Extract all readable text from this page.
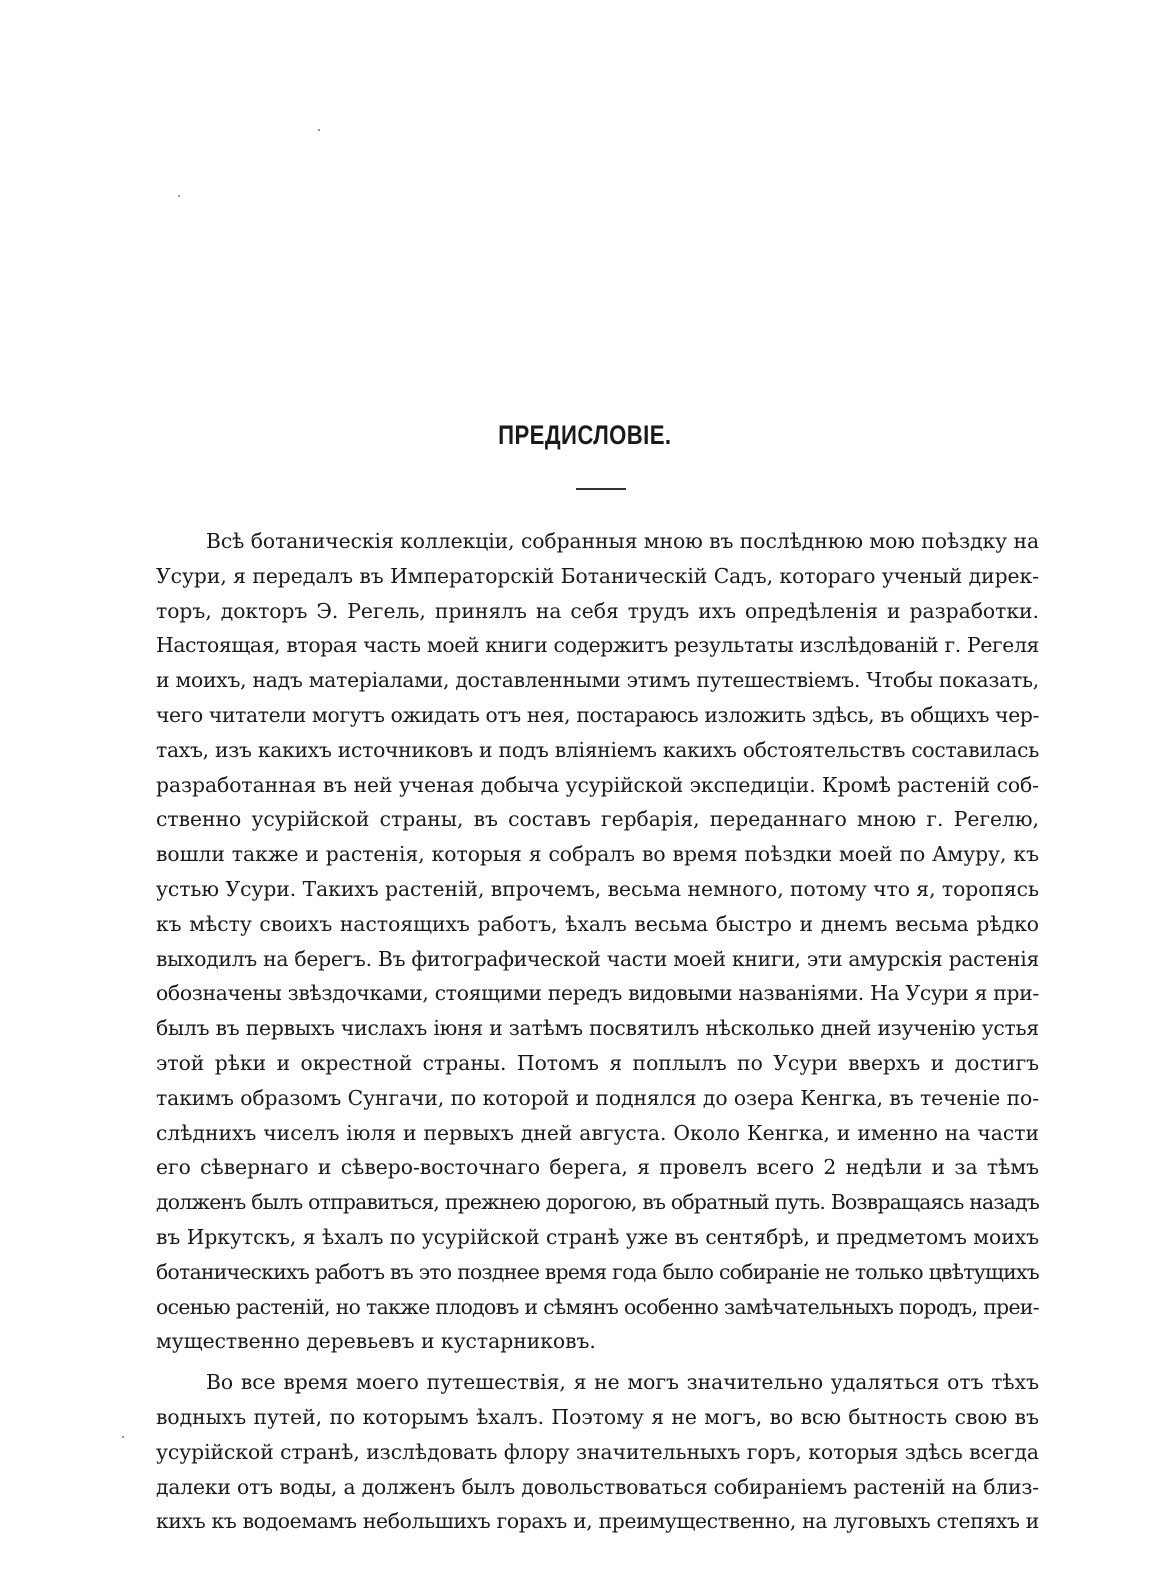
ПРЕДИСЛОВІЕ.
Всѣ ботаническія коллекціи, собранныя мною въ послѣднюю мою поѣздку на
Усури, я передалъ въ Императорскій Ботаническій Садъ, котораго ученый дирек-
торъ, докторъ Э. Регель, принялъ на себя трудъ ихъ опредѣленія и разработки.
Настоящая, вторая часть моей книги содержитъ результаты изслѣдованій г. Регеля
и моихъ, надъ матеріалами, доставленными этимъ путешествіемъ. Чтобы показать,
чего читатели могутъ ожидать отъ нея, постараюсь изложить здѣсь, въ общихъ чер-
тахъ, изъ какихъ источниковъ и подъ вліяніемъ какихъ обстоятельствъ составилась
разработанная въ ней ученая добыча усурійской экспедиціи. Кромѣ растеній соб-
ственно усурійской страны, въ составъ гербарія, переданнаго мною г. Регелю,
вошли также и растенія, которыя я собралъ во время поѣздки моей по Амуру, къ
устью Усури. Такихъ растеній, впрочемъ, весьма немного, потому что я, торопясь
къ мѣсту своихъ настоящихъ работъ, ѣхалъ весьма быстро и днемъ весьма рѣдко
выходилъ на берегъ. Въ фитографической части моей книги, эти амурскія растенія
обозначены звѣздочками, стоящими передъ видовыми названіями. На Усури я при-
былъ въ первыхъ числахъ іюня и затѣмъ посвятилъ нѣсколько дней изученію устья
этой рѣки и окрестной страны. Потомъ я поплылъ по Усури вверхъ и достигъ
такимъ образомъ Сунгачи, по которой и поднялся до озера Кенгка, въ теченіе по-
слѣднихъ чиселъ іюля и первыхъ дней августа. Около Кенгка, и именно на части
его сѣвернаго и сѣверо-восточнаго берега, я провелъ всего 2 недѣли и за тѣмъ
долженъ былъ отправиться, прежнею дорогою, въ обратный путь. Возвращаясь назадъ
въ Иркутскъ, я ѣхалъ по усурійской странѣ уже въ сентябрѣ, и предметомъ моихъ
ботаническихъ работъ въ это позднее время года было собираніе не только цвѣтущихъ
осенью растеній, но также плодовъ и сѣмянъ особенно замѣчательныхъ породъ, преи-
мущественно деревьевъ и кустарниковъ.
Во все время моего путешествія, я не могъ значительно удаляться отъ тѣхъ
водныхъ путей, по которымъ ѣхалъ. Поэтому я не могъ, во всю бытность свою въ
усурійской странѣ, изслѣдовать флору значительныхъ горъ, которыя здѣсь всегда
далеки отъ воды, а долженъ былъ довольствоваться собираніемъ растеній на близ-
кихъ къ водоемамъ небольшихъ горахъ и, преимущественно, на луговыхъ степяхъ и
